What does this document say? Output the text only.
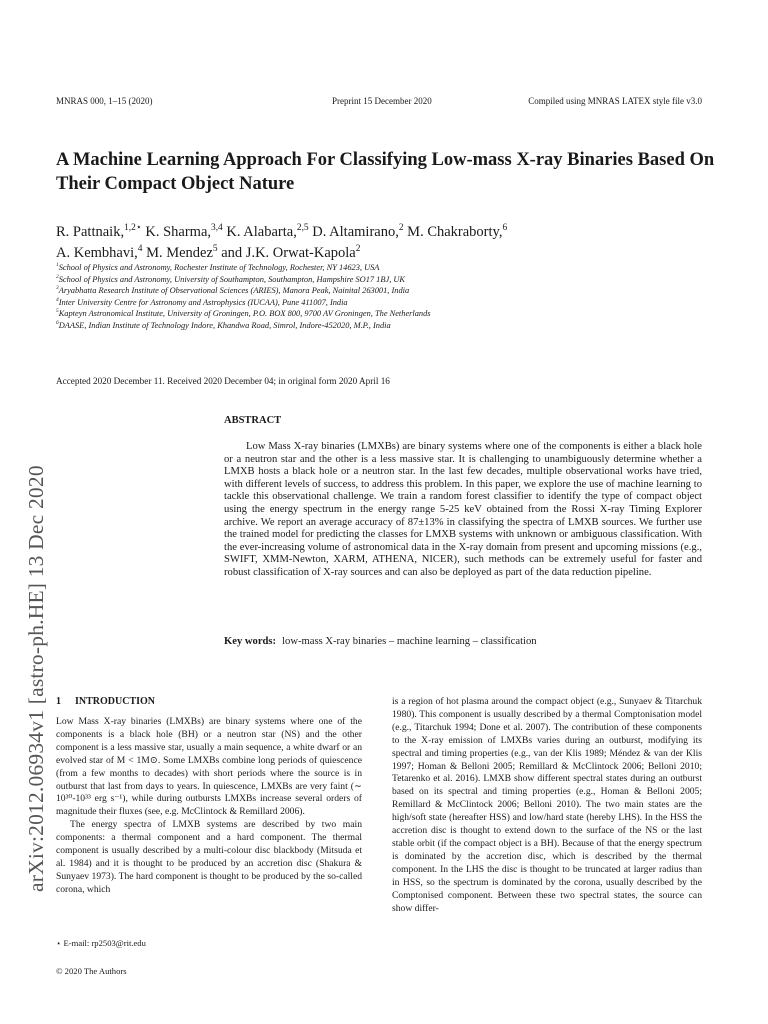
MNRAS 000, 1–15 (2020)	Preprint 15 December 2020	Compiled using MNRAS LATEX style file v3.0
A Machine Learning Approach For Classifying Low-mass X-ray Binaries Based On Their Compact Object Nature
R. Pattnaik,$^{1,2⋆}$ K. Sharma,$^{3,4}$ K. Alabarta,$^{2,5}$ D. Altamirano,$^2$ M. Chakraborty,$^6$
A. Kembhavi,$^4$ M. Mendez$^5$ and J.K. Orwat-Kapola$^2$
$^1$School of Physics and Astronomy, Rochester Institute of Technology, Rochester, NY 14623, USA
$^2$School of Physics and Astronomy, University of Southampton, Southampton, Hampshire SO17 1BJ, UK
$^3$Aryabhatta Research Institute of Observational Sciences (ARIES), Manora Peak, Nainital 263001, India
$^4$Inter University Centre for Astronomy and Astrophysics (IUCAA), Pune 411007, India
$^5$Kapteyn Astronomical Institute, University of Groningen, P.O. BOX 800, 9700 AV Groningen, The Netherlands
$^6$DAASE, Indian Institute of Technology Indore, Khandwa Road, Simrol, Indore-452020, M.P., India
Accepted 2020 December 11. Received 2020 December 04; in original form 2020 April 16
ABSTRACT
Low Mass X-ray binaries (LMXBs) are binary systems where one of the components is either a black hole or a neutron star and the other is a less massive star. It is challenging to unambiguously determine whether a LMXB hosts a black hole or a neutron star. In the last few decades, multiple observational works have tried, with different levels of success, to address this problem. In this paper, we explore the use of machine learning to tackle this observational challenge. We train a random forest classifier to identify the type of compact object using the energy spectrum in the energy range 5-25 keV obtained from the Rossi X-ray Timing Explorer archive. We report an average accuracy of 87±13% in classifying the spectra of LMXB sources. We further use the trained model for predicting the classes for LMXB systems with unknown or ambiguous classification. With the ever-increasing volume of astronomical data in the X-ray domain from present and upcoming missions (e.g., SWIFT, XMM-Newton, XARM, ATHENA, NICER), such methods can be extremely useful for faster and robust classification of X-ray sources and can also be deployed as part of the data reduction pipeline.
Key words: low-mass X-ray binaries – machine learning – classification
arXiv:2012.06934v1 [astro-ph.HE] 13 Dec 2020 1 INTRODUCTION

Low Mass X-ray binaries (LMXBs) are binary systems where one of the components is a black hole (BH) or a neutron star (NS) and the other component is a less massive star, usually a main sequence, a white dwarf or an evolved star of M < 1M⊙. Some LMXBs combine long periods of quiescence (from a few months to decades) with short periods where the source is in outburst that last from days to years. In quiescence, LMXBs are very faint (∼ 10³⁰-10³³ erg s⁻¹), while during outbursts LMXBs increase several orders of magnitude their fluxes (see, e.g. McClintock & Remillard 2006).

The energy spectra of LMXB systems are described by two main components: a thermal component and a hard component. The thermal component is usually described by a multi-colour disc blackbody (Mitsuda et al. 1984) and it is thought to be produced by an accretion disc (Shakura & Sunyaev 1973). The hard component is thought to be produced by the so-called corona, which

is a region of hot plasma around the compact object (e.g., Sunyaev & Titarchuk 1980). This component is usually described by a thermal Comptonisation model (e.g., Titarchuk 1994; Done et al. 2007). The contribution of these components to the X-ray emission of LMXBs varies during an outburst, modifying its spectral and timing properties (e.g., van der Klis 1989; Méndez & van der Klis 1997; Homan & Belloni 2005; Remillard & McClintock 2006; Belloni 2010; Tetarenko et al. 2016). LMXB show different spectral states during an outburst based on its spectral and timing properties (e.g., Homan & Belloni 2005; Remillard & McClintock 2006; Belloni 2010). The two main states are the high/soft state (hereafter HSS) and low/hard state (hereby LHS). In the HSS the accretion disc is thought to extend down to the surface of the NS or the last stable orbit (if the compact object is a BH). Because of that the energy spectrum is dominated by the accretion disc, which is described by the thermal component. In the LHS the disc is thought to be truncated at larger radius than in HSS, so the spectrum is dominated by the corona, usually described by the Comptonised component. Between these two spectral states, the source can show differ-

⋆ E-mail: rp2503@rit.edu
© 2020 The Authors
